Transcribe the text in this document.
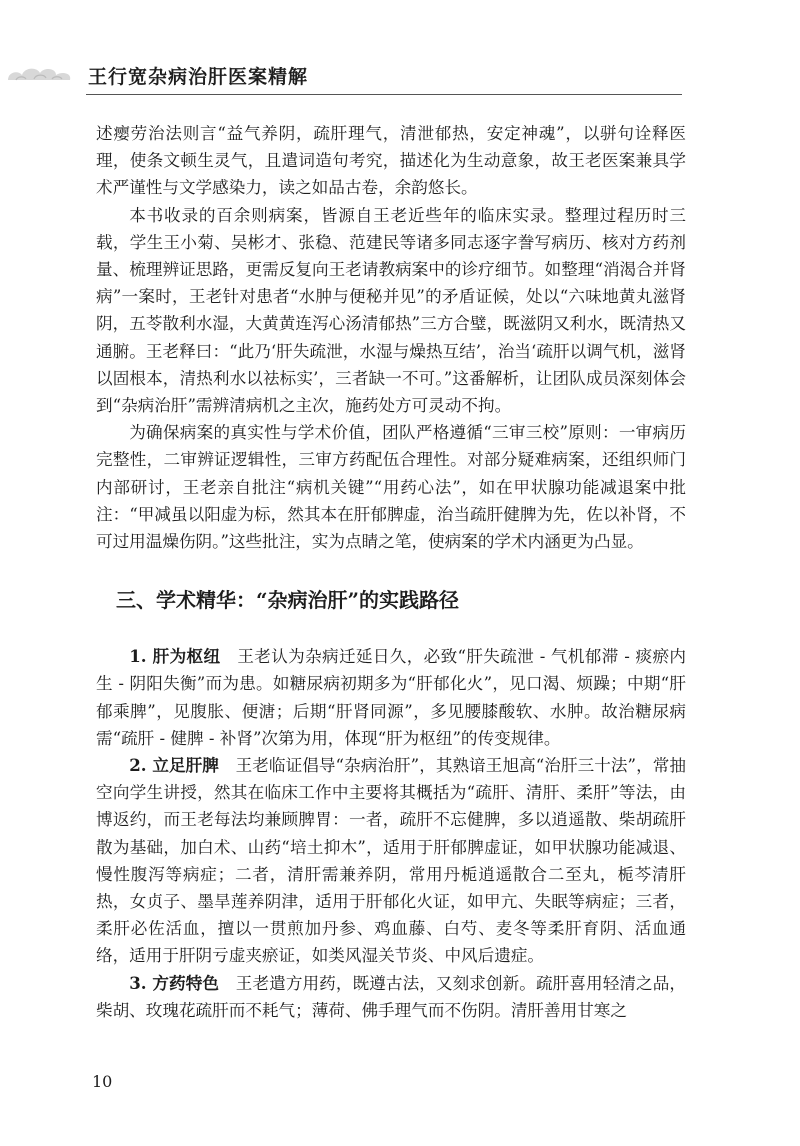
王行宽杂病治肝医案精解

述瘿劳治法则言“益气养阴，疏肝理气，清泄郁热，安定神魂”，以骈句诠释医理，使条文顿生灵气，且遣词造句考究，描述化为生动意象，故王老医案兼具学术严谨性与文学感染力，读之如品古卷，余韵悠长。

本书收录的百余则病案，皆源自王老近些年的临床实录。整理过程历时三载，学生王小菊、吴彬才、张稳、范建民等诸多同志逐字誊写病历、核对方药剂量、梳理辨证思路，更需反复向王老请教病案中的诊疗细节。如整理“消渴合并肾病”一案时，王老针对患者“水肿与便秘并见”的矛盾证候，处以“六味地黄丸滋肾阴，五苓散利水湿，大黄黄连泻心汤清郁热”三方合璧，既滋阴又利水，既清热又通腑。王老释曰：“此乃‘肝失疏泄，水湿与燥热互结’，治当‘疏肝以调气机，滋肾以固根本，清热利水以祛标实’，三者缺一不可。”这番解析，让团队成员深刻体会到“杂病治肝”需辨清病机之主次，施药处方可灵动不拘。

为确保病案的真实性与学术价值，团队严格遵循“三审三校”原则：一审病历完整性，二审辨证逻辑性，三审方药配伍合理性。对部分疑难病案，还组织师门内部研讨，王老亲自批注“病机关键”“用药心法”，如在甲状腺功能减退案中批注：“甲减虽以阳虚为标，然其本在肝郁脾虚，治当疏肝健脾为先，佐以补肾，不可过用温燥伤阴。”这些批注，实为点睛之笔，使病案的学术内涵更为凸显。

三、学术精华：“杂病治肝”的实践路径

1. 肝为枢纽　 王老认为杂病迁延日久，必致“肝失疏泄 - 气机郁滞 - 痰瘀内生 - 阴阳失衡”而为患。如糖尿病初期多为“肝郁化火”，见口渴、烦躁；中期“肝郁乘脾”，见腹胀、便溏；后期“肝肾同源”，多见腰膝酸软、水肿。故治糖尿病需“疏肝 - 健脾 - 补肾”次第为用，体现“肝为枢纽”的传变规律。

2. 立足肝脾　 王老临证倡导“杂病治肝”，其熟谙王旭高“治肝三十法”，常抽空向学生讲授，然其在临床工作中主要将其概括为“疏肝、清肝、柔肝”等法，由博返约，而王老每法均兼顾脾胃：一者，疏肝不忘健脾，多以逍遥散、柴胡疏肝散为基础，加白术、山药“培土抑木”，适用于肝郁脾虚证，如甲状腺功能减退、慢性腹泻等病症；二者，清肝需兼养阴，常用丹栀逍遥散合二至丸，栀芩清肝热，女贞子、墨旱莲养阴津，适用于肝郁化火证，如甲亢、失眠等病症；三者，柔肝必佐活血，擅以一贯煎加丹参、鸡血藤、白芍、麦冬等柔肝育阴、活血通络，适用于肝阴亏虚夹瘀证，如类风湿关节炎、中风后遗症。

3. 方药特色　 王老遣方用药，既遵古法，又刻求创新。疏肝喜用轻清之品，柴胡、玫瑰花疏肝而不耗气；薄荷、佛手理气而不伤阴。清肝善用甘寒之

10
